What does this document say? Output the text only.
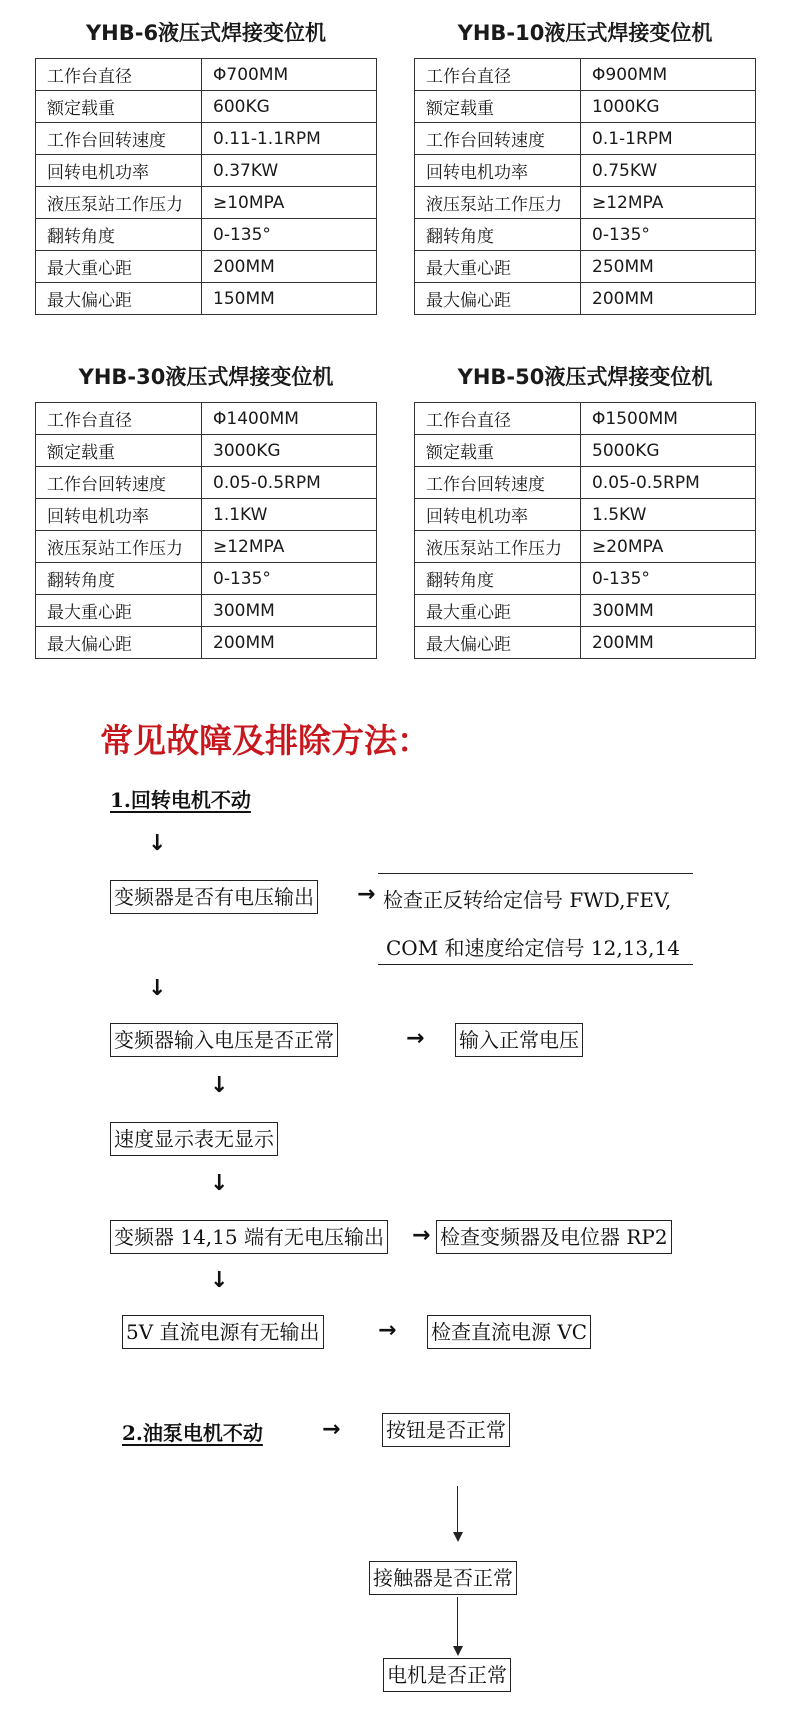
YHB-6液压式焊接变位机
工作台直径	Φ700MM
额定载重	600KG
工作台回转速度	0.11-1.1RPM
回转电机功率	0.37KW
液压泵站工作压力	≥10MPA
翻转角度	0-135°
最大重心距	200MM
最大偏心距	150MM
YHB-10液压式焊接变位机
工作台直径	Φ900MM
额定载重	1000KG
工作台回转速度	0.1-1RPM
回转电机功率	0.75KW
液压泵站工作压力	≥12MPA
翻转角度	0-135°
最大重心距	250MM
最大偏心距	200MM
YHB-30液压式焊接变位机
工作台直径	Φ1400MM
额定载重	3000KG
工作台回转速度	0.05-0.5RPM
回转电机功率	1.1KW
液压泵站工作压力	≥12MPA
翻转角度	0-135°
最大重心距	300MM
最大偏心距	200MM
YHB-50液压式焊接变位机
工作台直径	Φ1500MM
额定载重	5000KG
工作台回转速度	0.05-0.5RPM
回转电机功率	1.5KW
液压泵站工作压力	≥20MPA
翻转角度	0-135°
最大重心距	300MM
最大偏心距	200MM
常见故障及排除方法：
1.回转电机不动
↓
变频器是否有电压输出 → 检查正反转给定信号 FWD,FEV,
COM 和速度给定信号 12,13,14
↓
变频器输入电压是否正常	→ 输入正常电压
↓
速度显示表无显示
↓
变频器 14,15 端有无电压输出 → 检查变频器及电位器 RP2
↓
5V 直流电源有无输出	→ 检查直流电源 VC
2.油泵电机不动	→ 按钮是否正常
接触器是否正常
电机是否正常
